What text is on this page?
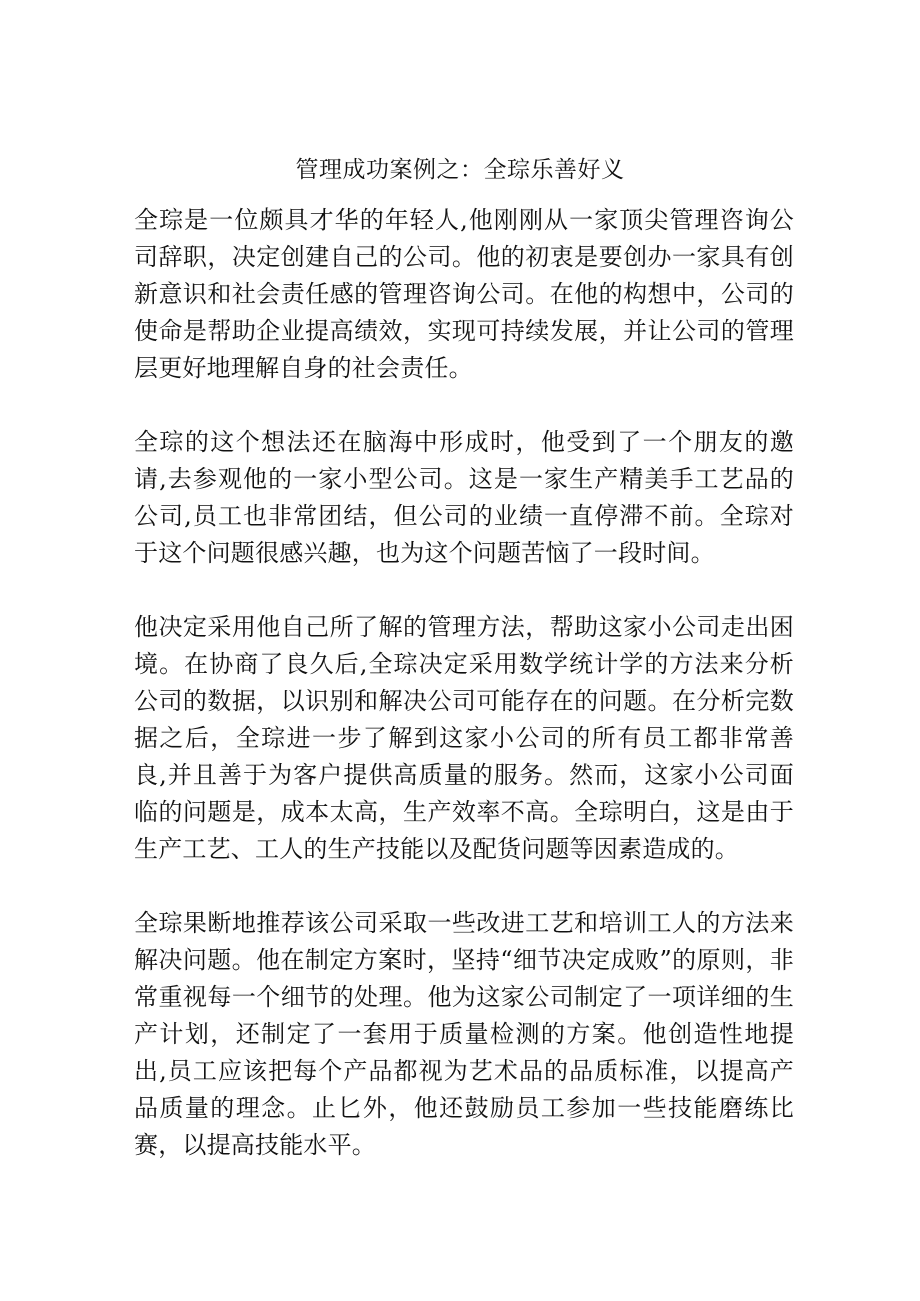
管理成功案例之：全琮乐善好义

全琮是一位颇具才华的年轻人,他刚刚从一家顶尖管理咨询公司辞职，决定创建自己的公司。他的初衷是要创办一家具有创新意识和社会责任感的管理咨询公司。在他的构想中，公司的使命是帮助企业提高绩效，实现可持续发展，并让公司的管理层更好地理解自身的社会责任。

全琮的这个想法还在脑海中形成时，他受到了一个朋友的邀请,去参观他的一家小型公司。这是一家生产精美手工艺品的公司,员工也非常团结，但公司的业绩一直停滞不前。全琮对于这个问题很感兴趣，也为这个问题苦恼了一段时间。

他决定采用他自己所了解的管理方法，帮助这家小公司走出困境。在协商了良久后,全琮决定采用数学统计学的方法来分析公司的数据，以识别和解决公司可能存在的问题。在分析完数据之后，全琮进一步了解到这家小公司的所有员工都非常善良,并且善于为客户提供高质量的服务。然而，这家小公司面临的问题是，成本太高，生产效率不高。全琮明白，这是由于生产工艺、工人的生产技能以及配货问题等因素造成的。

全琮果断地推荐该公司采取一些改进工艺和培训工人的方法来解决问题。他在制定方案时，坚持“细节决定成败”的原则，非常重视每一个细节的处理。他为这家公司制定了一项详细的生产计划，还制定了一套用于质量检测的方案。他创造性地提出,员工应该把每个产品都视为艺术品的品质标准，以提高产品质量的理念。止匕外，他还鼓励员工参加一些技能磨练比赛，以提高技能水平。
